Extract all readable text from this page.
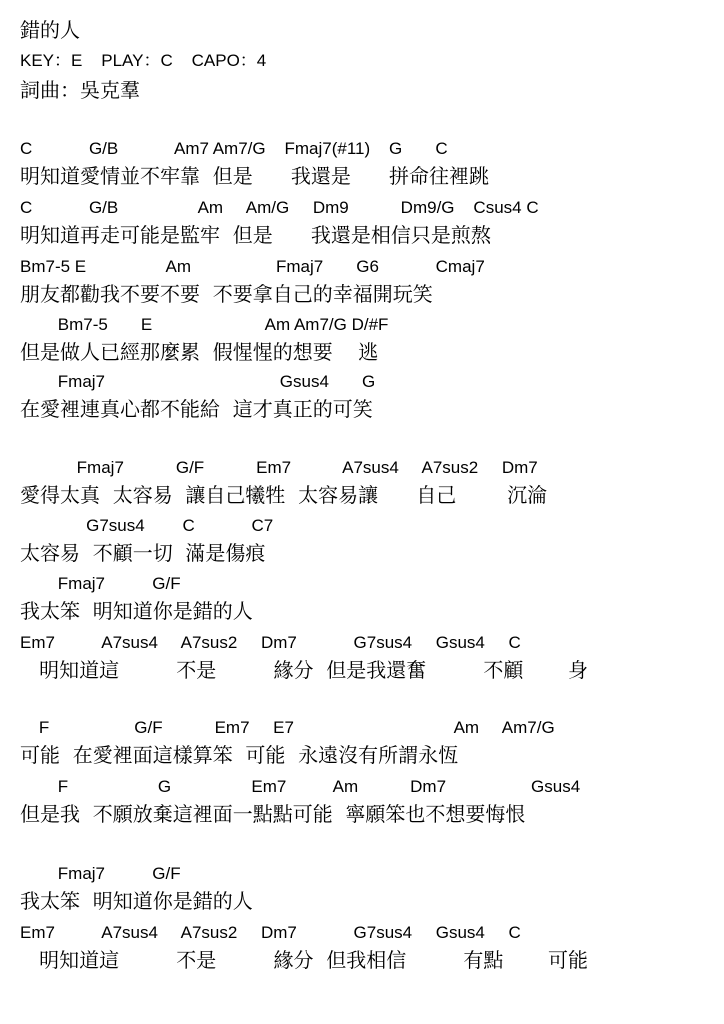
錯的人
KEY：E    PLAY：C    CAPO：4
詞曲：吳克羣
C            G/B            Am7 Am7/G    Fmaj7(#11)    G       C
明知道愛情並不牢靠  但是      我還是      拼命往裡跳
C            G/B                 Am     Am/G     Dm9           Dm9/G    Csus4 C
明知道再走可能是監牢  但是      我還是相信只是煎熬
Bm7-5 E                 Am                  Fmaj7       G6            Cmaj7
朋友都勸我不要不要  不要拿自己的幸福開玩笑
Bm7-5       E                        Am Am7/G D/#F
但是做人已經那麼累  假惺惺的想要    逃
Fmaj7                                     Gsus4       G
在愛裡連真心都不能給  這才真正的可笑
Fmaj7           G/F           Em7           A7sus4     A7sus2     Dm7
愛得太真  太容易  讓自己犧牲  太容易讓      自己        沉淪
G7sus4        C            C7
太容易  不顧一切  滿是傷痕
Fmaj7          G/F
我太笨  明知道你是錯的人
Em7          A7sus4     A7sus2     Dm7            G7sus4     Gsus4     C
明知道這         不是         緣分  但是我還奮         不顧       身
F                  G/F           Em7     E7                                  Am     Am7/G
可能  在愛裡面這樣算笨  可能  永遠沒有所謂永恆
F                   G                 Em7          Am           Dm7                  Gsus4
但是我  不願放棄這裡面一點點可能  寧願笨也不想要悔恨
Fmaj7          G/F
我太笨  明知道你是錯的人
Em7          A7sus4     A7sus2     Dm7            G7sus4     Gsus4     C
明知道這         不是         緣分  但我相信         有點       可能
